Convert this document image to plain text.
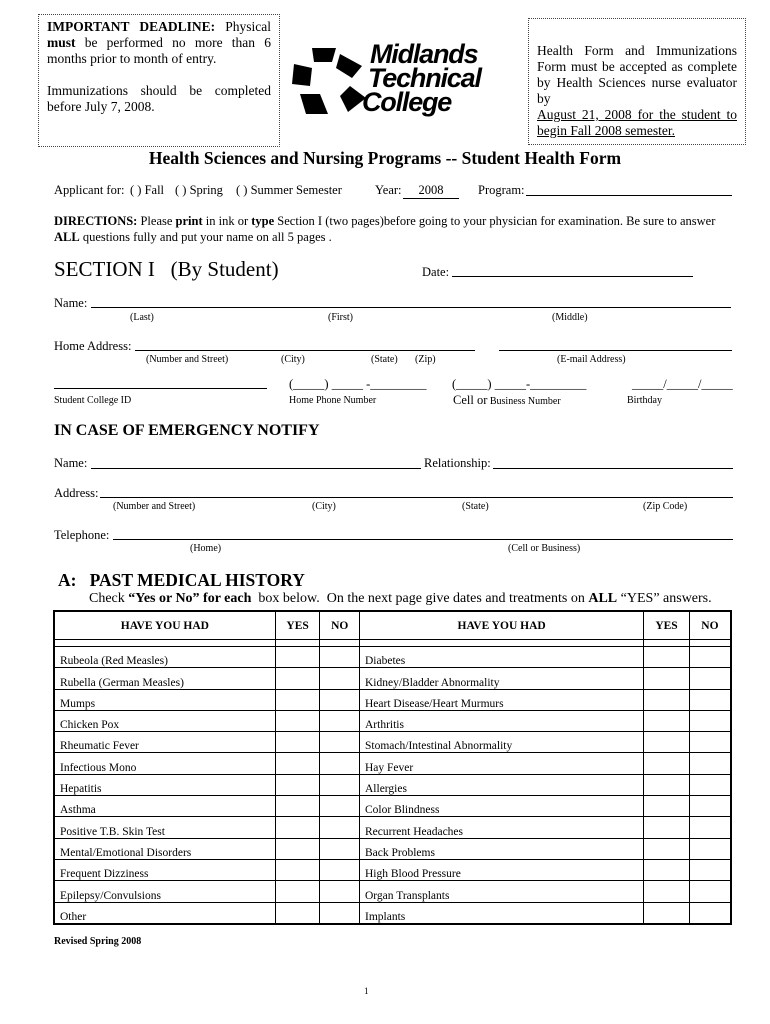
IMPORTANT DEADLINE: Physical must be performed no more than 6 months prior to month of entry.
Immunizations should be completed before July 7, 2008.
Midlands
Technical
College
Health Form and Immunizations Form must be accepted as complete by Health Sciences nurse evaluator by
August 21, 2008 for the student to begin Fall 2008 semester.
Health Sciences and Nursing Programs -- Student Health Form
Applicant for: ( ) Fall ( ) Spring ( ) Summer Semester	Year:	2008	Program:
DIRECTIONS: Please print in ink or type Section I (two pages)before going to your physician for examination. Be sure to answer ALL questions fully and put your name on all 5 pages .
SECTION I (By Student)	Date:
Name:
(Last)	(First)	(Middle)
Home Address:
(Number and Street)	(City)	(State) (Zip)	(E-mail Address)
(_____) _____ -_________ (_____) _____-_________	_____/_____/_____
Student College ID	Home Phone Number	Cell or Business Number	Birthday
IN CASE OF EMERGENCY NOTIFY
Name:	Relationship:
Address:
(Number and Street)	(City)	(State)	(Zip Code)
Telephone:
(Home)	(Cell or Business)
A:   PAST MEDICAL HISTORY
Check “Yes or No” for each  box below.  On the next page give dates and treatments on ALL “YES” answers.
HAVE YOU HAD	YES	NO	HAVE YOU HAD	YES	NO

Rubeola (Red Measles)			Diabetes		
Rubella (German Measles)			Kidney/Bladder Abnormality		
Mumps			Heart Disease/Heart Murmurs		
Chicken Pox			Arthritis		
Rheumatic Fever			Stomach/Intestinal Abnormality		
Infectious Mono			Hay Fever		
Hepatitis			Allergies		
Asthma			Color Blindness		
Positive T.B. Skin Test			Recurrent Headaches		
Mental/Emotional Disorders			Back Problems		
Frequent Dizziness			High Blood Pressure		
Epilepsy/Convulsions			Organ Transplants		
Other			Implants		
Revised Spring 2008
1
